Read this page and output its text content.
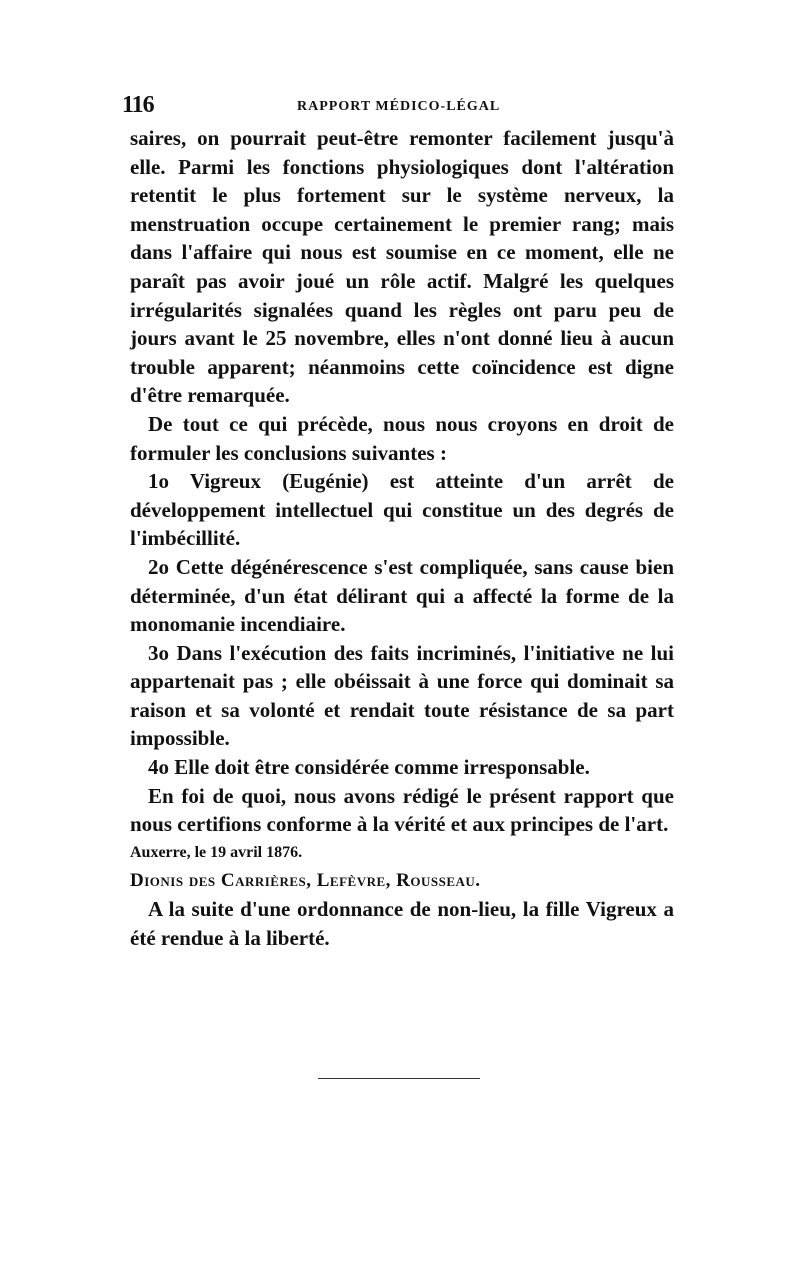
116	RAPPORT MÉDICO-LÉGAL

saires, on pourrait peut-être remonter facilement jusqu'à elle. Parmi les fonctions physiologiques dont l'altération retentit le plus fortement sur le système nerveux, la menstruation occupe certainement le premier rang; mais dans l'affaire qui nous est soumise en ce moment, elle ne paraît pas avoir joué un rôle actif. Malgré les quelques irrégularités signalées quand les règles ont paru peu de jours avant le 25 novembre, elles n'ont donné lieu à aucun trouble apparent; néanmoins cette coïncidence est digne d'être remarquée.

De tout ce qui précède, nous nous croyons en droit de formuler les conclusions suivantes :

1o Vigreux (Eugénie) est atteinte d'un arrêt de développement intellectuel qui constitue un des degrés de l'imbécillité.

2o Cette dégénérescence s'est compliquée, sans cause bien déterminée, d'un état délirant qui a affecté la forme de la monomanie incendiaire.

3o Dans l'exécution des faits incriminés, l'initiative ne lui appartenait pas ; elle obéissait à une force qui dominait sa raison et sa volonté et rendait toute résistance de sa part impossible.

4o Elle doit être considérée comme irresponsable.

En foi de quoi, nous avons rédigé le présent rapport que nous certifions conforme à la vérité et aux principes de l'art.

Auxerre, le 19 avril 1876.

Dionis des Carrières, Lefèvre, Rousseau.

A la suite d'une ordonnance de non-lieu, la fille Vigreux a été rendue à la liberté.
